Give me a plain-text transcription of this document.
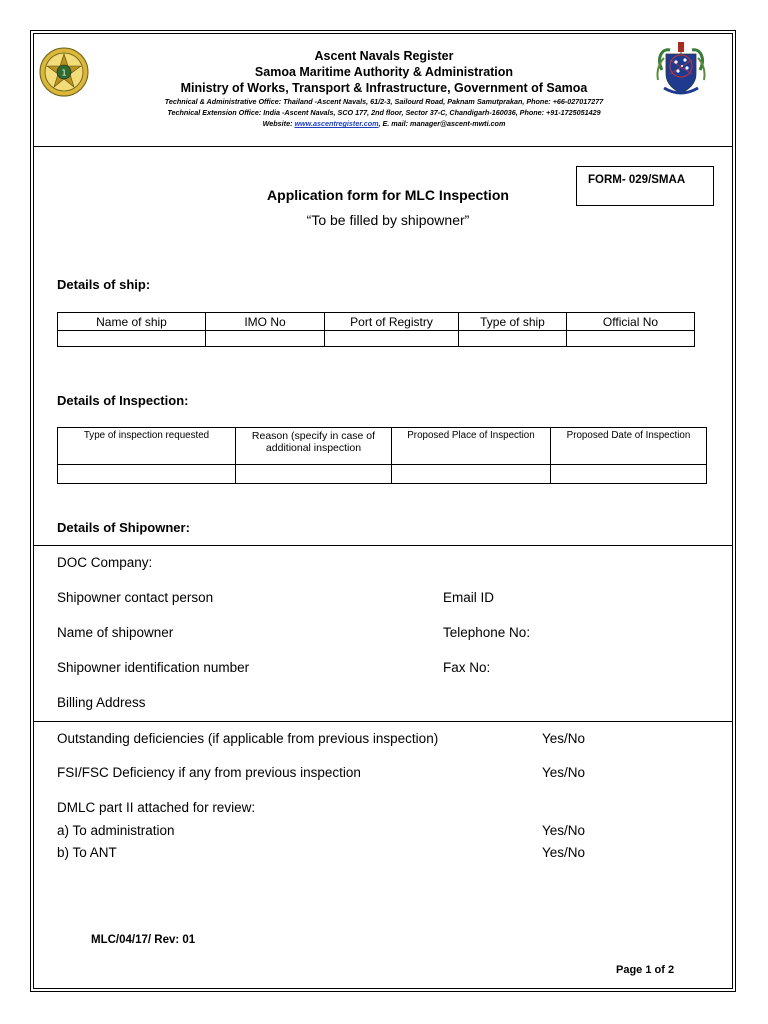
1
Ascent Navals Register
Samoa Maritime Authority & Administration
Ministry of Works, Transport & Infrastructure, Government of Samoa
Technical & Administrative Office: Thailand -Ascent Navals, 61/2-3, Sailourd Road, Paknam Samutprakan, Phone: +66-027017277
Technical Extension Office: India -Ascent Navals, SCO 177, 2nd floor, Sector 37-C, Chandigarh-160036, Phone: +91-1725051429
Website: www.ascentregister.com, E. mail: manager@ascent-mwti.com
FORM- 029/SMAA
Application form for MLC Inspection
“To be filled by shipowner”
Details of ship:
Name of ship	IMO No	Port of Registry	Type of ship	Official No

Details of Inspection:
Type of inspection requested	Reason (specify in case of additional inspection	Proposed Place of Inspection	Proposed Date of Inspection

Details of Shipowner:
DOC Company:
Shipowner contact person	Email ID
Name of shipowner	Telephone No:
Shipowner identification number	Fax No:
Billing Address
Outstanding deficiencies (if applicable from previous inspection)	Yes/No
FSI/FSC Deficiency if any from previous inspection	Yes/No
DMLC part II attached for review:
a) To administration	Yes/No
b) To ANT	Yes/No
MLC/04/17/ Rev: 01
Page 1 of 2
